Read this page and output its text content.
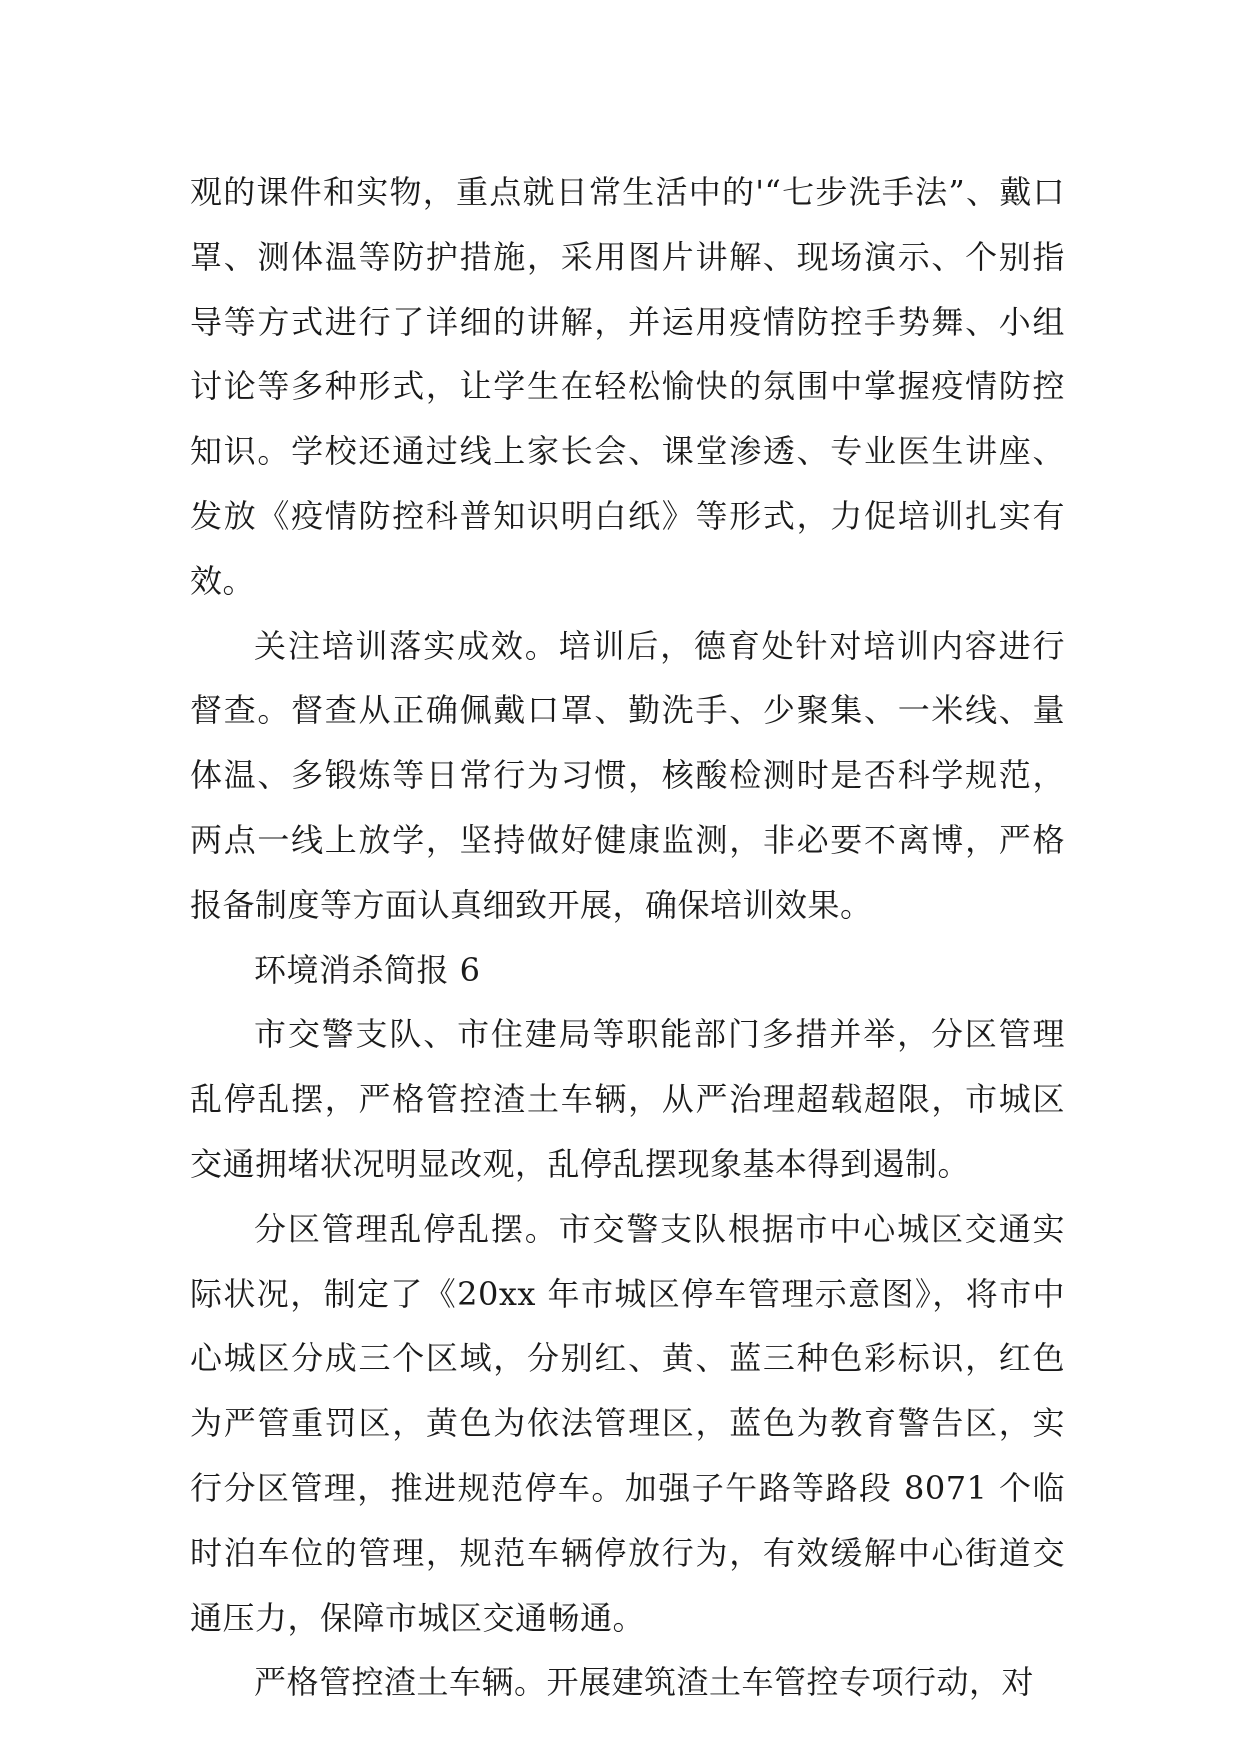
观的课件和实物，重点就日常生活中的'“七步洗手法”、戴口罩、测体温等防护措施，采用图片讲解、现场演示、个别指导等方式进行了详细的讲解，并运用疫情防控手势舞、小组讨论等多种形式，让学生在轻松愉快的氛围中掌握疫情防控知识。学校还通过线上家长会、课堂渗透、专业医生讲座、发放《疫情防控科普知识明白纸》等形式，力促培训扎实有效。

关注培训落实成效。培训后，德育处针对培训内容进行督查。督查从正确佩戴口罩、勤洗手、少聚集、一米线、量体温、多锻炼等日常行为习惯，核酸检测时是否科学规范，两点一线上放学，坚持做好健康监测，非必要不离博，严格报备制度等方面认真细致开展，确保培训效果。

环境消杀简报 6

市交警支队、市住建局等职能部门多措并举，分区管理乱停乱摆，严格管控渣土车辆，从严治理超载超限，市城区交通拥堵状况明显改观，乱停乱摆现象基本得到遏制。

分区管理乱停乱摆。市交警支队根据市中心城区交通实际状况，制定了《20xx 年市城区停车管理示意图》，将市中心城区分成三个区域，分别红、黄、蓝三种色彩标识，红色为严管重罚区，黄色为依法管理区，蓝色为教育警告区，实行分区管理，推进规范停车。加强子午路等路段 8071 个临时泊车位的管理，规范车辆停放行为，有效缓解中心街道交通压力，保障市城区交通畅通。

严格管控渣土车辆。开展建筑渣土车管控专项行动，对
